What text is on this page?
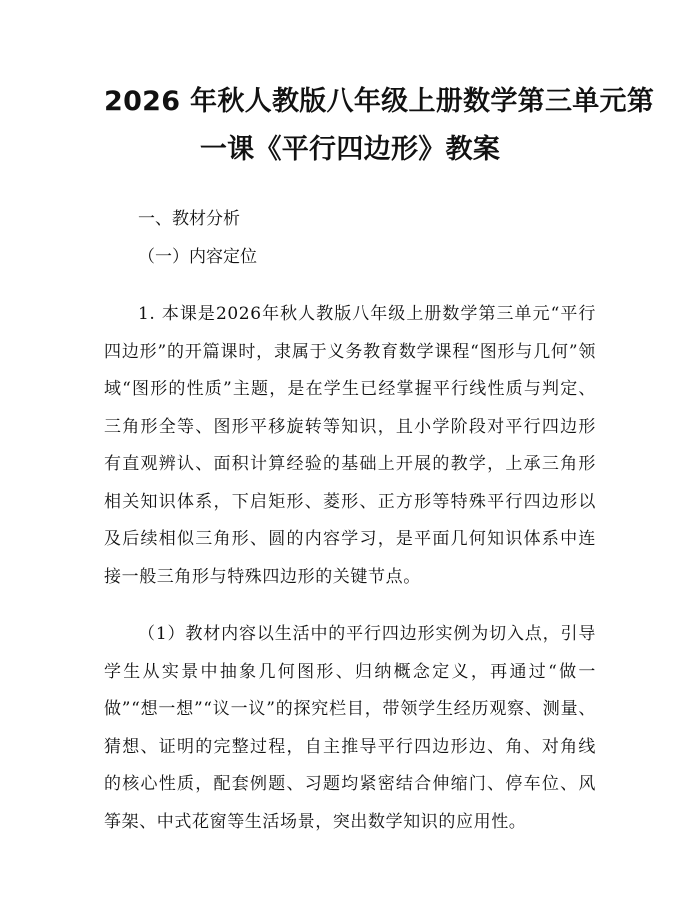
2026 年秋人教版八年级上册数学第三单元第
一课《平行四边形》教案

一、教材分析

（一）内容定位

1. 本课是2026年秋人教版八年级上册数学第三单元“平行四边形”的开篇课时，隶属于义务教育数学课程“图形与几何”领域“图形的性质”主题，是在学生已经掌握平行线性质与判定、三角形全等、图形平移旋转等知识，且小学阶段对平行四边形有直观辨认、面积计算经验的基础上开展的教学，上承三角形相关知识体系，下启矩形、菱形、正方形等特殊平行四边形以及后续相似三角形、圆的内容学习，是平面几何知识体系中连接一般三角形与特殊四边形的关键节点。

（1）教材内容以生活中的平行四边形实例为切入点，引导学生从实景中抽象几何图形、归纳概念定义，再通过“做一做”“想一想”“议一议”的探究栏目，带领学生经历观察、测量、猜想、证明的完整过程，自主推导平行四边形边、角、对角线的核心性质，配套例题、习题均紧密结合伸缩门、停车位、风筝架、中式花窗等生活场景，突出数学知识的应用性。
